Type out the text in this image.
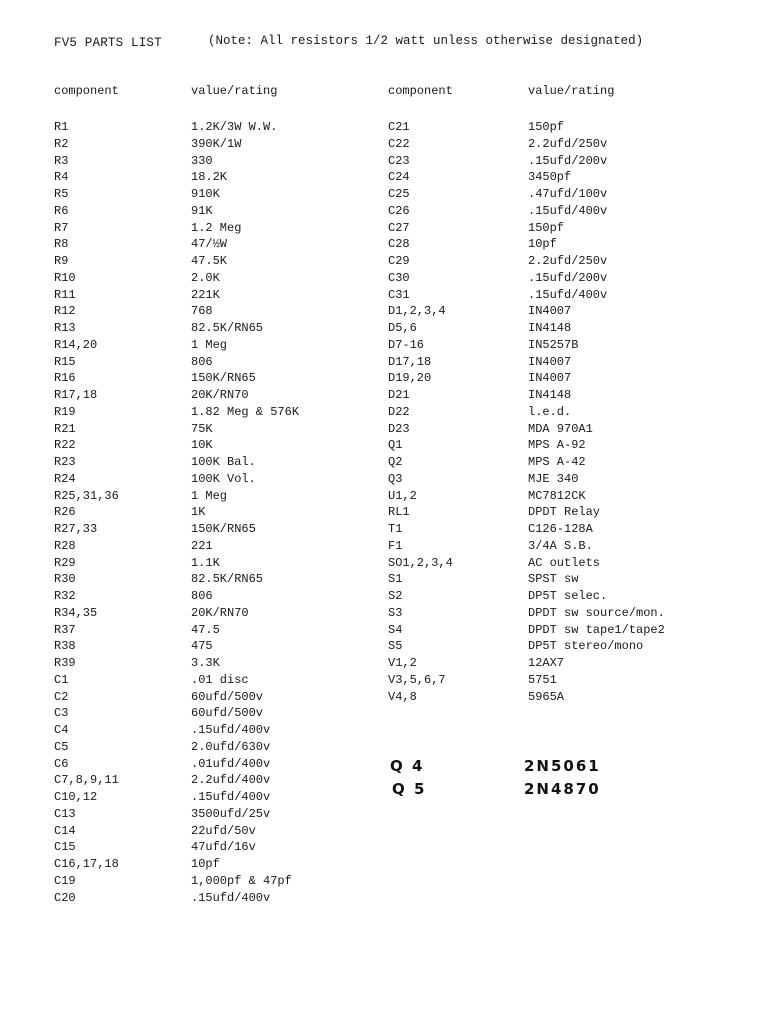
FV5 PARTS LIST	(Note: All resistors 1/2 watt unless otherwise designated)
component	value/rating	component	value/rating
R1	1.2K/3W W.W.
R2	390K/1W
R3	330
R4	18.2K
R5	910K
R6	91K
R7	1.2 Meg
R8	47/½W
R9	47.5K
R10	2.0K
R11	221K
R12	768
R13	82.5K/RN65
R14,20	1 Meg
R15	806
R16	150K/RN65
R17,18	20K/RN70
R19	1.82 Meg & 576K
R21	75K
R22	10K
R23	100K Bal.
R24	100K Vol.
R25,31,36	1 Meg
R26	1K
R27,33	150K/RN65
R28	221
R29	1.1K
R30	82.5K/RN65
R32	806
R34,35	20K/RN70
R37	47.5
R38	475
R39	3.3K
C1	.01 disc
C2	60ufd/500v
C3	60ufd/500v
C4	.15ufd/400v
C5	2.0ufd/630v
C6	.01ufd/400v
C7,8,9,11	2.2ufd/400v
C10,12	.15ufd/400v
C13	3500ufd/25v
C14	22ufd/50v
C15	47ufd/16v
C16,17,18	10pf
C19	1,000pf & 47pf
C20	.15ufd/400v
C21	150pf
C22	2.2ufd/250v
C23	.15ufd/200v
C24	3450pf
C25	.47ufd/100v
C26	.15ufd/400v
C27	150pf
C28	10pf
C29	2.2ufd/250v
C30	.15ufd/200v
C31	.15ufd/400v
D1,2,3,4	IN4007
D5,6	IN4148
D7-16	IN5257B
D17,18	IN4007
D19,20	IN4007
D21	IN4148
D22	l.e.d.
D23	MDA 970A1
Q1	MPS A-92
Q2	MPS A-42
Q3	MJE 340
U1,2	MC7812CK
RL1	DPDT Relay
T1	C126-128A
F1	3/4A S.B.
SO1,2,3,4	AC outlets
S1	SPST sw
S2	DP5T selec.
S3	DPDT sw source/mon.
S4	DPDT sw tape1/tape2
S5	DP5T stereo/mono
V1,2	12AX7
V3,5,6,7	5751
V4,8	5965A
Q 4	2N5061
Q 5	2N4870
